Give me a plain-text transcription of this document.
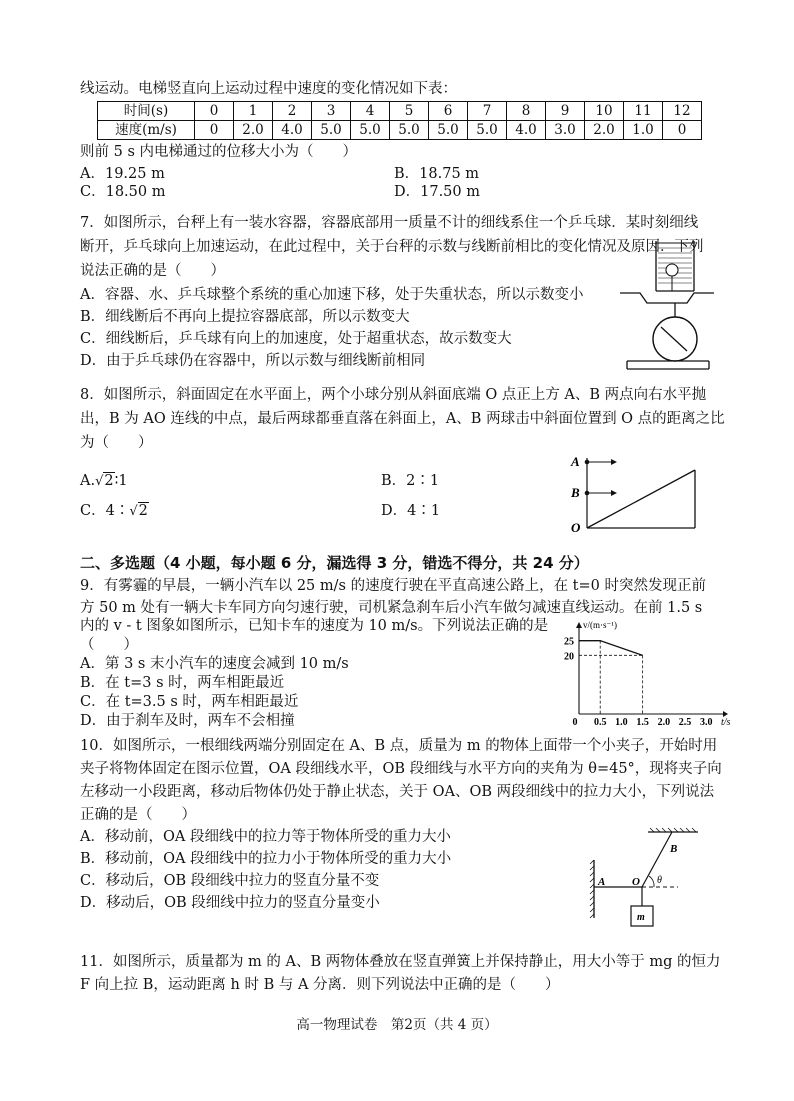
线运动。电梯竖直向上运动过程中速度的变化情况如下表：
时间(s)	0	1	2	3	4	5	6	7	8	9	10	11	12
速度(m/s)	0	2.0	4.0	5.0	5.0	5.0	5.0	5.0	4.0	3.0	2.0	1.0	0
则前 5 s 内电梯通过的位移大小为（　　）
A．19.25 m	B．18.75 m
C．18.50 m	D．17.50 m
7．如图所示，台秤上有一装水容器，容器底部用一质量不计的细线系住一个乒乓球．某时刻细线
断开，乒乓球向上加速运动，在此过程中，关于台秤的示数与线断前相比的变化情况及原因．下列
说法正确的是（　　）
A．容器、水、乒乓球整个系统的重心加速下移，处于失重状态，所以示数变小
B．细线断后不再向上提拉容器底部，所以示数变大
C．细线断后，乒乓球有向上的加速度，处于超重状态，故示数变大
D．由于乒乓球仍在容器中，所以示数与细线断前相同
8．如图所示，斜面固定在水平面上，两个小球分别从斜面底端 O 点正上方 A、B 两点向右水平抛
出，B 为 AO 连线的中点，最后两球都垂直落在斜面上，A、B 两球击中斜面位置到 O 点的距离之比
为（　　）
A.√2∶1	B．2∶1
C．4∶√2	D．4∶1
A
B
O
二、多选题（4 小题，每小题 6 分，漏选得 3 分，错选不得分，共 24 分）
9．有雾霾的早晨，一辆小汽车以 25 m/s 的速度行驶在平直高速公路上，在 t=0 时突然发现正前
方 50 m 处有一辆大卡车同方向匀速行驶，司机紧急刹车后小汽车做匀减速直线运动。在前 1.5 s
内的 v - t 图象如图所示，已知卡车的速度为 10 m/s。下列说法正确的是
（　　）
A．第 3 s 末小汽车的速度会减到 10 m/s
B．在 t=3 s 时，两车相距最近
C．在 t=3.5 s 时，两车相距最近
D．由于刹车及时，两车不会相撞	0 0.5 1.0 1.5 2.0 2.5 3.0
20
25
v/(m·s⁻¹)
t/s
10．如图所示，一根细线两端分别固定在 A、B 点，质量为 m 的物体上面带一个小夹子，开始时用
夹子将物体固定在图示位置，OA 段细线水平，OB 段细线与水平方向的夹角为 θ=45°，现将夹子向
左移动一小段距离，移动后物体仍处于静止状态，关于 OA、OB 两段细线中的拉力大小，下列说法
正确的是（　　）
A．移动前，OA 段细线中的拉力等于物体所受的重力大小
B．移动前，OA 段细线中的拉力小于物体所受的重力大小
C．移动后，OB 段细线中拉力的竖直分量不变
D．移动后，OB 段细线中拉力的竖直分量变小
m
A O
B
θ
11．如图所示，质量都为 m 的 A、B 两物体叠放在竖直弹簧上并保持静止，用大小等于 mg 的恒力
F 向上拉 B，运动距离 h 时 B 与 A 分离．则下列说法中正确的是（　　）
高一物理试卷　第2页（共 4 页）
